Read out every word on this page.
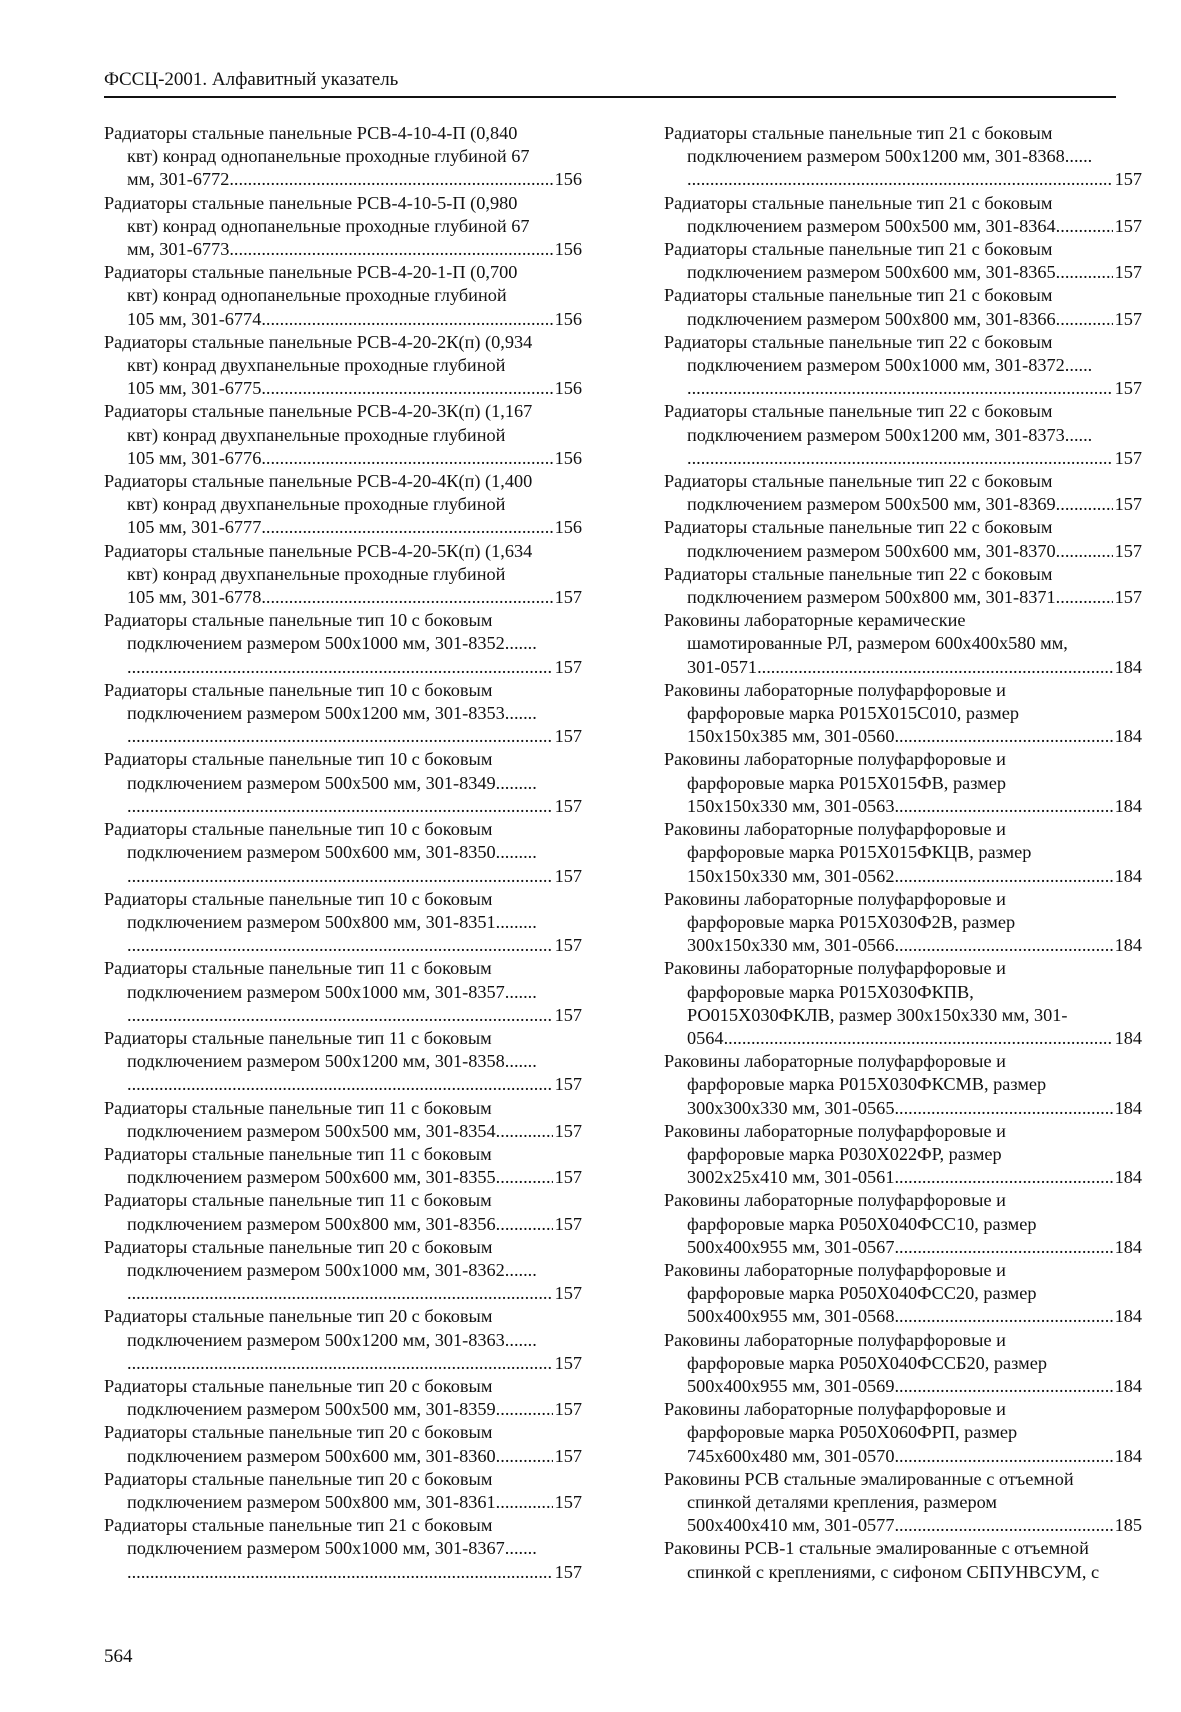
ФССЦ-2001. Алфавитный указатель
Радиаторы стальные панельные РСВ-4-10-4-П (0,840
квт) конрад однопанельные проходные глубиной 67
мм, 301-6772 .....	156
Радиаторы стальные панельные РСВ-4-10-5-П (0,980
квт) конрад однопанельные проходные глубиной 67
мм, 301-6773 .....	156
Радиаторы стальные панельные РСВ-4-20-1-П (0,700
квт) конрад однопанельные проходные глубиной
105 мм, 301-6774 .....	156
Радиаторы стальные панельные РСВ-4-20-2К(п) (0,934
квт) конрад двухпанельные проходные глубиной
105 мм, 301-6775 .....	156
Радиаторы стальные панельные РСВ-4-20-3К(п) (1,167
квт) конрад двухпанельные проходные глубиной
105 мм, 301-6776 .....	156
Радиаторы стальные панельные РСВ-4-20-4К(п) (1,400
квт) конрад двухпанельные проходные глубиной
105 мм, 301-6777 .....	156
Радиаторы стальные панельные РСВ-4-20-5К(п) (1,634
квт) конрад двухпанельные проходные глубиной
105 мм, 301-6778 .....	157
Радиаторы стальные панельные тип 10 с боковым
подключением размером 500х1000 мм, 301-8352.......
.....
157
Радиаторы стальные панельные тип 10 с боковым
подключением размером 500х1200 мм, 301-8353.......
.....
157
Радиаторы стальные панельные тип 10 с боковым
подключением размером 500х500 мм, 301-8349.........
.....
157
Радиаторы стальные панельные тип 10 с боковым
подключением размером 500х600 мм, 301-8350.........
.....
157
Радиаторы стальные панельные тип 10 с боковым
подключением размером 500х800 мм, 301-8351.........
.....
157
Радиаторы стальные панельные тип 11 с боковым
подключением размером 500х1000 мм, 301-8357.......
.....
157
Радиаторы стальные панельные тип 11 с боковым
подключением размером 500х1200 мм, 301-8358.......
.....
157
Радиаторы стальные панельные тип 11 с боковым
подключением размером 500х500 мм, 301-8354 .....	157
Радиаторы стальные панельные тип 11 с боковым
подключением размером 500х600 мм, 301-8355 .....	157
Радиаторы стальные панельные тип 11 с боковым
подключением размером 500х800 мм, 301-8356 .....	157
Радиаторы стальные панельные тип 20 с боковым
подключением размером 500х1000 мм, 301-8362.......
.....
157
Радиаторы стальные панельные тип 20 с боковым
подключением размером 500х1200 мм, 301-8363.......
.....
157
Радиаторы стальные панельные тип 20 с боковым
подключением размером 500х500 мм, 301-8359 .....	157
Радиаторы стальные панельные тип 20 с боковым
подключением размером 500х600 мм, 301-8360 .....	157
Радиаторы стальные панельные тип 20 с боковым
подключением размером 500х800 мм, 301-8361 .....	157
Радиаторы стальные панельные тип 21 с боковым
подключением размером 500х1000 мм, 301-8367.......
.....
157
Радиаторы стальные панельные тип 21 с боковым
подключением размером 500х1200 мм, 301-8368......
.....
157
Радиаторы стальные панельные тип 21 с боковым
подключением размером 500х500 мм, 301-8364 .....	157
Радиаторы стальные панельные тип 21 с боковым
подключением размером 500х600 мм, 301-8365 .....	157
Радиаторы стальные панельные тип 21 с боковым
подключением размером 500х800 мм, 301-8366 .....	157
Радиаторы стальные панельные тип 22 с боковым
подключением размером 500х1000 мм, 301-8372......
.....
157
Радиаторы стальные панельные тип 22 с боковым
подключением размером 500х1200 мм, 301-8373......
.....
157
Радиаторы стальные панельные тип 22 с боковым
подключением размером 500х500 мм, 301-8369 .....	157
Радиаторы стальные панельные тип 22 с боковым
подключением размером 500х600 мм, 301-8370 .....	157
Радиаторы стальные панельные тип 22 с боковым
подключением размером 500х800 мм, 301-8371 .....	157
Раковины лабораторные керамические
шамотированные РЛ, размером 600х400х580 мм,
301-0571 .....	184
Раковины лабораторные полуфарфоровые и
фарфоровые марка Р015Х015С010, размер
150х150х385 мм, 301-0560 .....	184
Раковины лабораторные полуфарфоровые и
фарфоровые марка Р015Х015ФВ, размер
150х150х330 мм, 301-0563 .....	184
Раковины лабораторные полуфарфоровые и
фарфоровые марка Р015Х015ФКЦВ, размер
150х150х330 мм, 301-0562 .....	184
Раковины лабораторные полуфарфоровые и
фарфоровые марка Р015Х030Ф2В, размер
300х150х330 мм, 301-0566 .....	184
Раковины лабораторные полуфарфоровые и
фарфоровые марка Р015Х030ФКПВ,
РО015Х030ФКЛВ, размер 300х150х330 мм, 301-
0564 .....	184
Раковины лабораторные полуфарфоровые и
фарфоровые марка Р015Х030ФКСМВ, размер
300х300х330 мм, 301-0565 .....	184
Раковины лабораторные полуфарфоровые и
фарфоровые марка Р030Х022ФР, размер
3002х25х410 мм, 301-0561 .....	184
Раковины лабораторные полуфарфоровые и
фарфоровые марка Р050Х040ФСС10, размер
500х400х955 мм, 301-0567 .....	184
Раковины лабораторные полуфарфоровые и
фарфоровые марка Р050Х040ФСС20, размер
500х400х955 мм, 301-0568 .....	184
Раковины лабораторные полуфарфоровые и
фарфоровые марка Р050Х040ФССБ20, размер
500х400х955 мм, 301-0569 .....	184
Раковины лабораторные полуфарфоровые и
фарфоровые марка Р050Х060ФРП, размер
745х600х480 мм, 301-0570 .....	184
Раковины РСВ стальные эмалированные с отъемной
спинкой деталями крепления, размером
500х400х410 мм, 301-0577 .....	185
Раковины РСВ-1 стальные эмалированные с отъемной
спинкой с креплениями, с сифоном СБПУНВСУМ, с
564
